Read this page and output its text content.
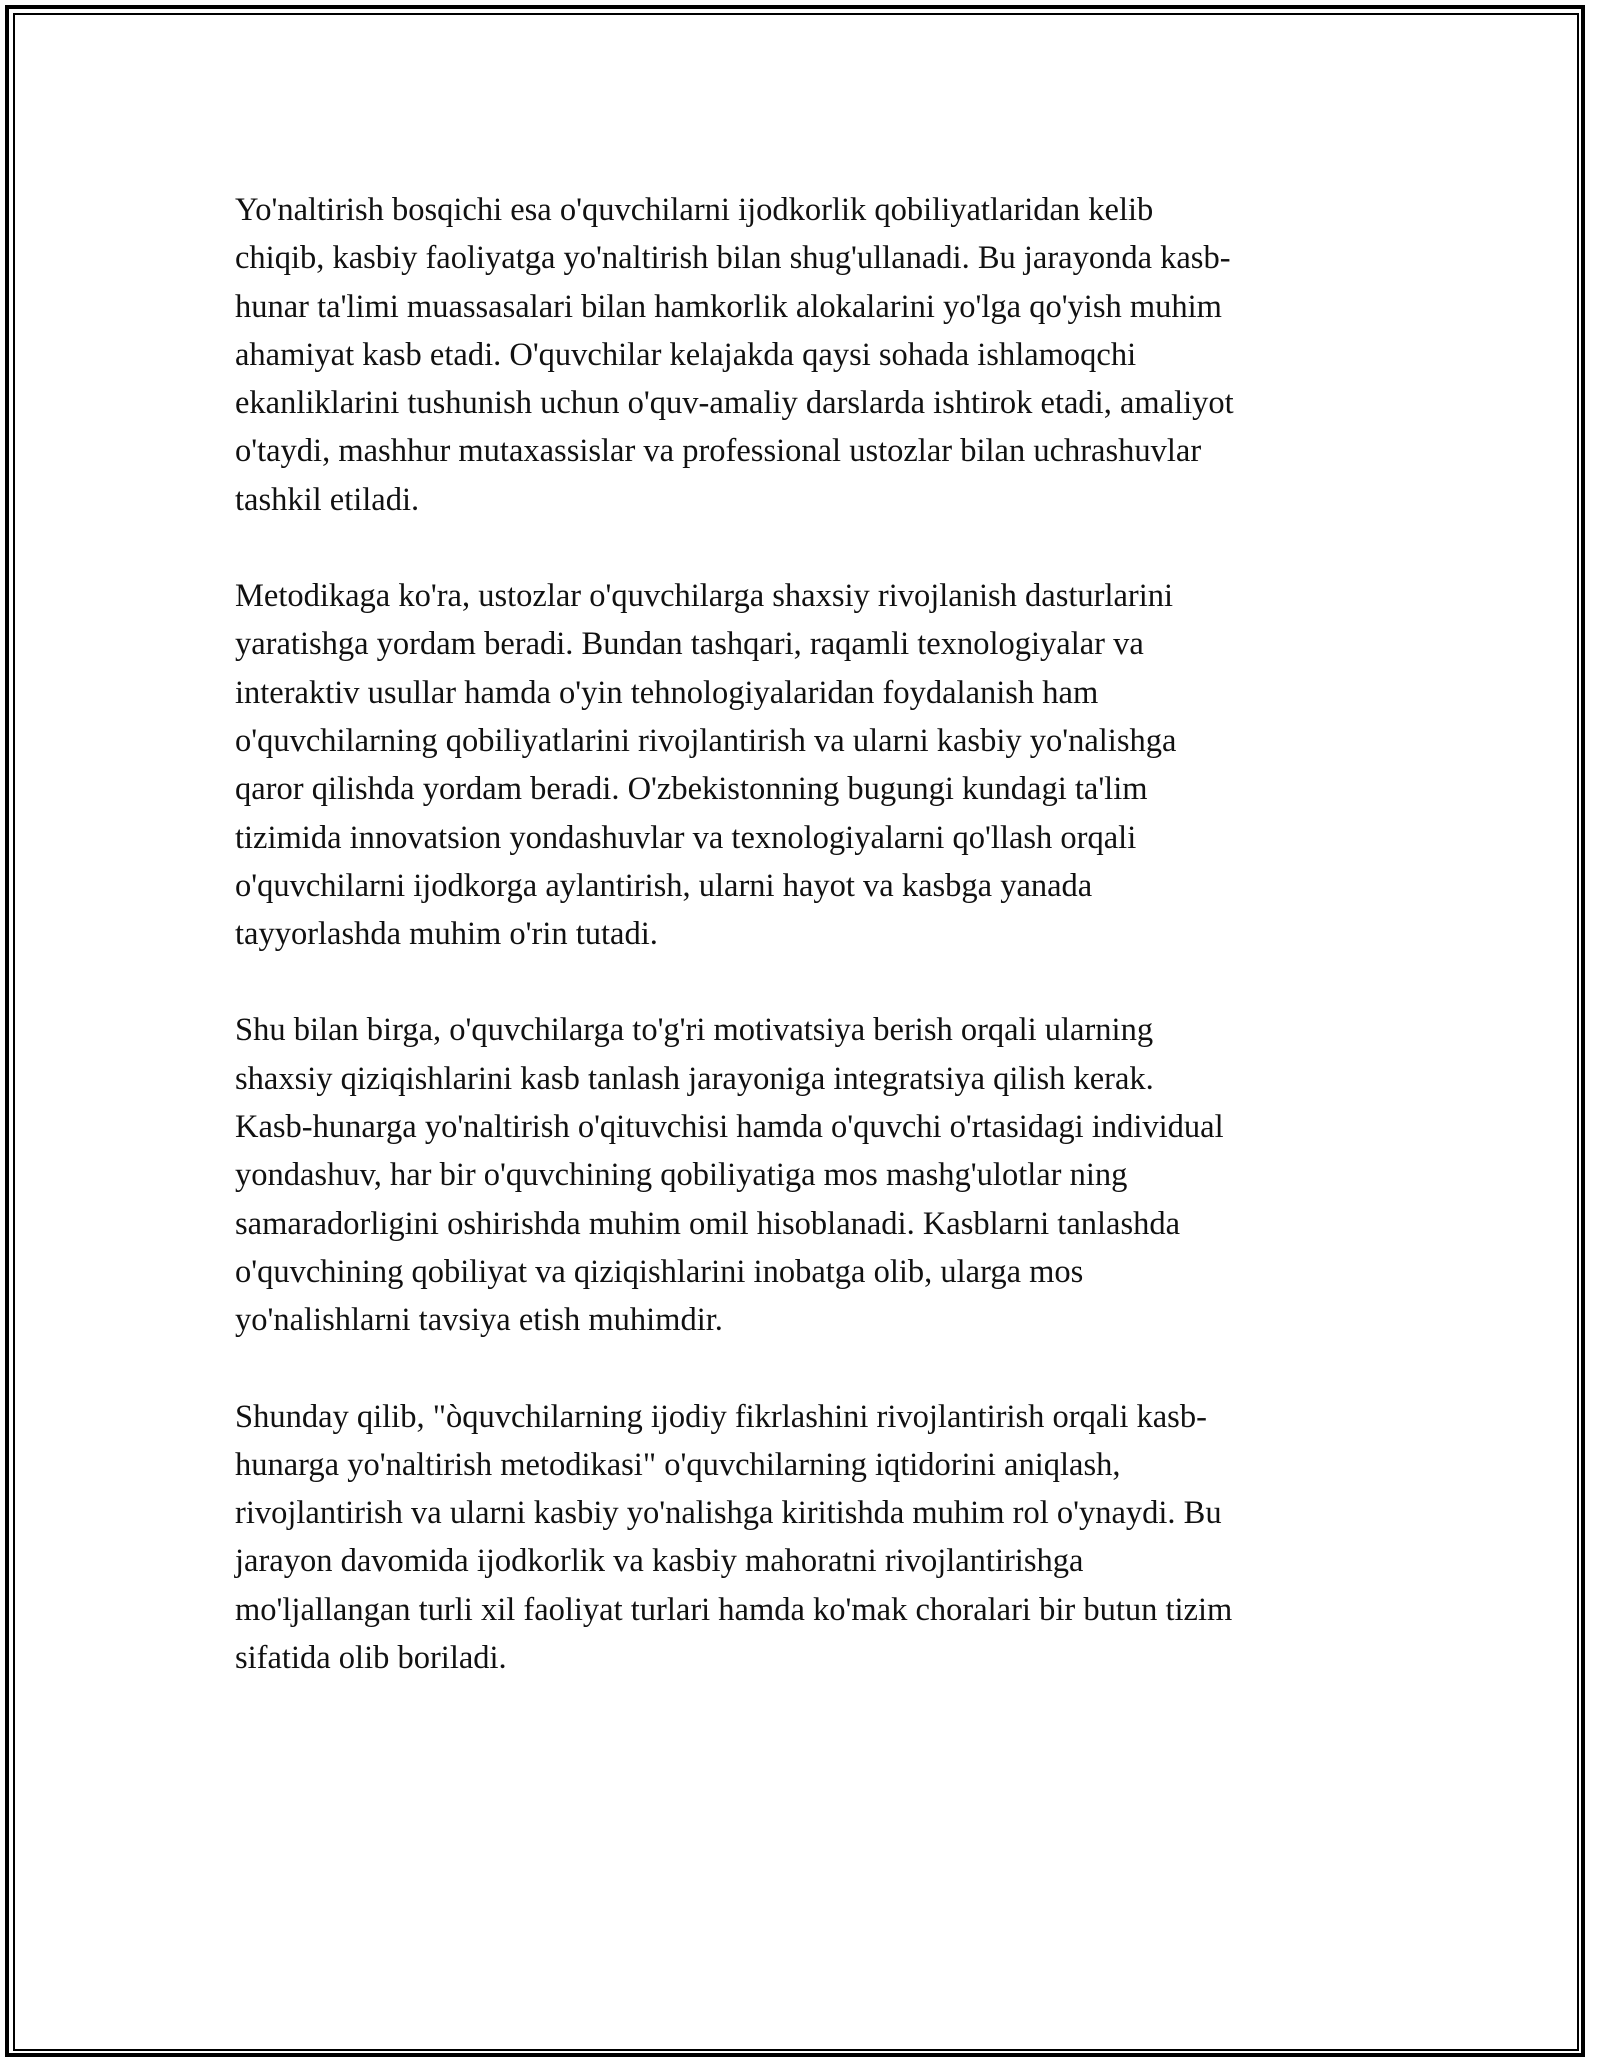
Yo'naltirish bosqichi esa o'quvchilarni ijodkorlik qobiliyatlaridan kelib
chiqib, kasbiy faoliyatga yo'naltirish bilan shug'ullanadi. Bu jarayonda kasb-
hunar ta'limi muassasalari bilan hamkorlik alokalarini yo'lga qo'yish muhim
ahamiyat kasb etadi. O'quvchilar kelajakda qaysi sohada ishlamoqchi
ekanliklarini tushunish uchun o'quv-amaliy darslarda ishtirok etadi, amaliyot
o'taydi, mashhur mutaxassislar va professional ustozlar bilan uchrashuvlar
tashkil etiladi.

Metodikaga ko'ra, ustozlar o'quvchilarga shaxsiy rivojlanish dasturlarini
yaratishga yordam beradi. Bundan tashqari, raqamli texnologiyalar va
interaktiv usullar hamda o'yin tehnologiyalaridan foydalanish ham
o'quvchilarning qobiliyatlarini rivojlantirish va ularni kasbiy yo'nalishga
qaror qilishda yordam beradi. O'zbekistonning bugungi kundagi ta'lim
tizimida innovatsion yondashuvlar va texnologiyalarni qo'llash orqali
o'quvchilarni ijodkorga aylantirish, ularni hayot va kasbga yanada
tayyorlashda muhim o'rin tutadi.

Shu bilan birga, o'quvchilarga to'g'ri motivatsiya berish orqali ularning
shaxsiy qiziqishlarini kasb tanlash jarayoniga integratsiya qilish kerak.
Kasb-hunarga yo'naltirish o'qituvchisi hamda o'quvchi o'rtasidagi individual
yondashuv, har bir o'quvchining qobiliyatiga mos mashg'ulotlar ning
samaradorligini oshirishda muhim omil hisoblanadi. Kasblarni tanlashda
o'quvchining qobiliyat va qiziqishlarini inobatga olib, ularga mos
yo'nalishlarni tavsiya etish muhimdir.

Shunday qilib, "òquvchilarning ijodiy fikrlashini rivojlantirish orqali kasb-
hunarga yo'naltirish metodikasi" o'quvchilarning iqtidorini aniqlash,
rivojlantirish va ularni kasbiy yo'nalishga kiritishda muhim rol o'ynaydi. Bu
jarayon davomida ijodkorlik va kasbiy mahoratni rivojlantirishga
mo'ljallangan turli xil faoliyat turlari hamda ko'mak choralari bir butun tizim
sifatida olib boriladi.
